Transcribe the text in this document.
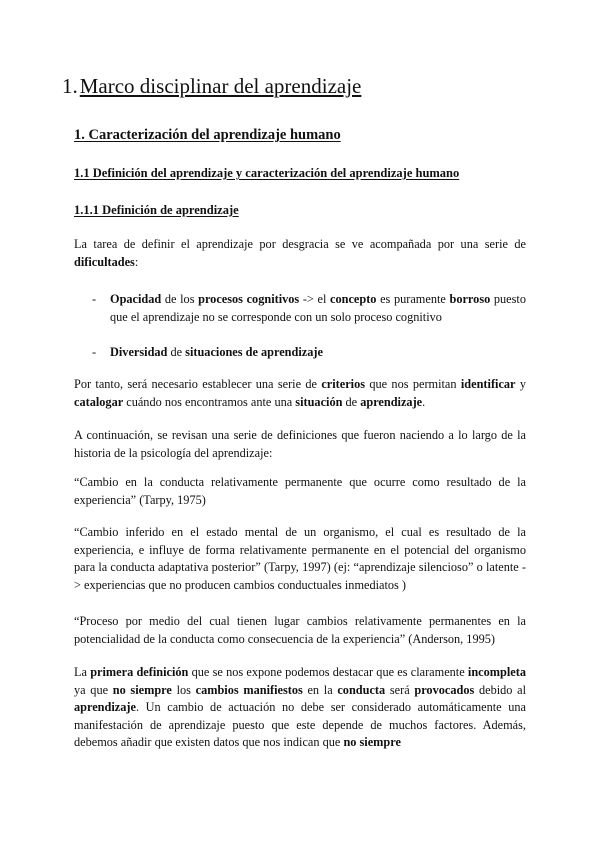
1.Marco disciplinar del aprendizaje
1. Caracterización del aprendizaje humano
1.1 Definición del aprendizaje y caracterización del aprendizaje humano
1.1.1 Definición de aprendizaje
La tarea de definir el aprendizaje por desgracia se ve acompañada por una serie de dificultades:
- Opacidad de los procesos cognitivos -> el concepto es puramente borroso puesto que el aprendizaje no se corresponde con un solo proceso cognitivo
- Diversidad de situaciones de aprendizaje
Por tanto, será necesario establecer una serie de criterios que nos permitan identificar y catalogar cuándo nos encontramos ante una situación de aprendizaje.
A continuación, se revisan una serie de definiciones que fueron naciendo a lo largo de la historia de la psicología del aprendizaje:
“Cambio en la conducta relativamente permanente que ocurre como resultado de la experiencia” (Tarpy, 1975)
“Cambio inferido en el estado mental de un organismo, el cual es resultado de la experiencia, e influye de forma relativamente permanente en el potencial del organismo para la conducta adaptativa posterior” (Tarpy, 1997) (ej: “aprendizaje silencioso” o latente -> experiencias que no producen cambios conductuales inmediatos )
“Proceso por medio del cual tienen lugar cambios relativamente permanentes en la potencialidad de la conducta como consecuencia de la experiencia” (Anderson, 1995)
La primera definición que se nos expone podemos destacar que es claramente incompleta ya que no siempre los cambios manifiestos en la conducta será provocados debido al aprendizaje. Un cambio de actuación no debe ser considerado automáticamente una manifestación de aprendizaje puesto que este depende de muchos factores. Además, debemos añadir que existen datos que nos indican que no siempre
